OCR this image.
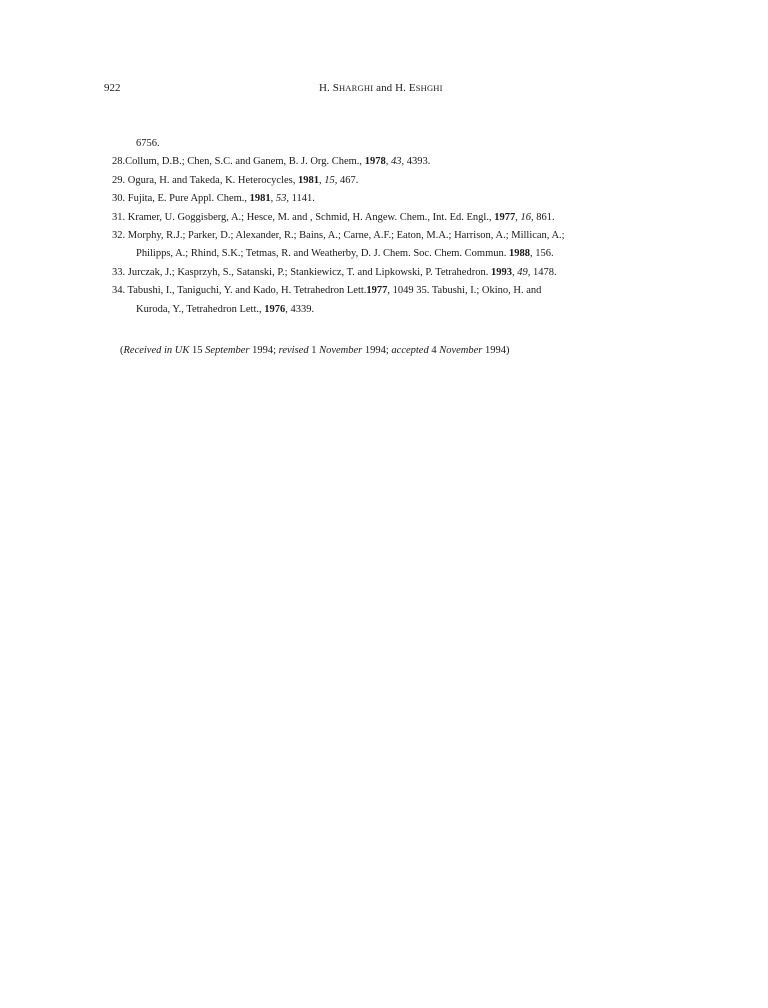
922	H. SHARGHI and H. ESHGHI
6756.
28.Collum, D.B.; Chen, S.C. and Ganem, B. J. Org. Chem., 1978, 43, 4393.
29. Ogura, H. and Takeda, K. Heterocycles, 1981, 15, 467.
30. Fujita, E. Pure Appl. Chem., 1981, 53, 1141.
31. Kramer, U. Goggisberg, A.; Hesce, M. and , Schmid, H. Angew. Chem., Int. Ed. Engl., 1977, 16, 861.
32. Morphy, R.J.; Parker, D.; Alexander, R.; Bains, A.; Carne, A.F.; Eaton, M.A.; Harrison, A.; Millican, A.;
Philipps, A.; Rhind, S.K.; Tetmas, R. and Weatherby, D. J. Chem. Soc. Chem. Commun. 1988, 156.
33. Jurczak, J.; Kasprzyh, S., Satanski, P.; Stankiewicz, T. and Lipkowski, P. Tetrahedron. 1993, 49, 1478.
34. Tabushi, I., Taniguchi, Y. and Kado, H. Tetrahedron Lett.1977, 1049 35. Tabushi, I.; Okino, H. and
Kuroda, Y., Tetrahedron Lett., 1976, 4339.
(Received in UK 15 September 1994; revised 1 November 1994; accepted 4 November 1994)
